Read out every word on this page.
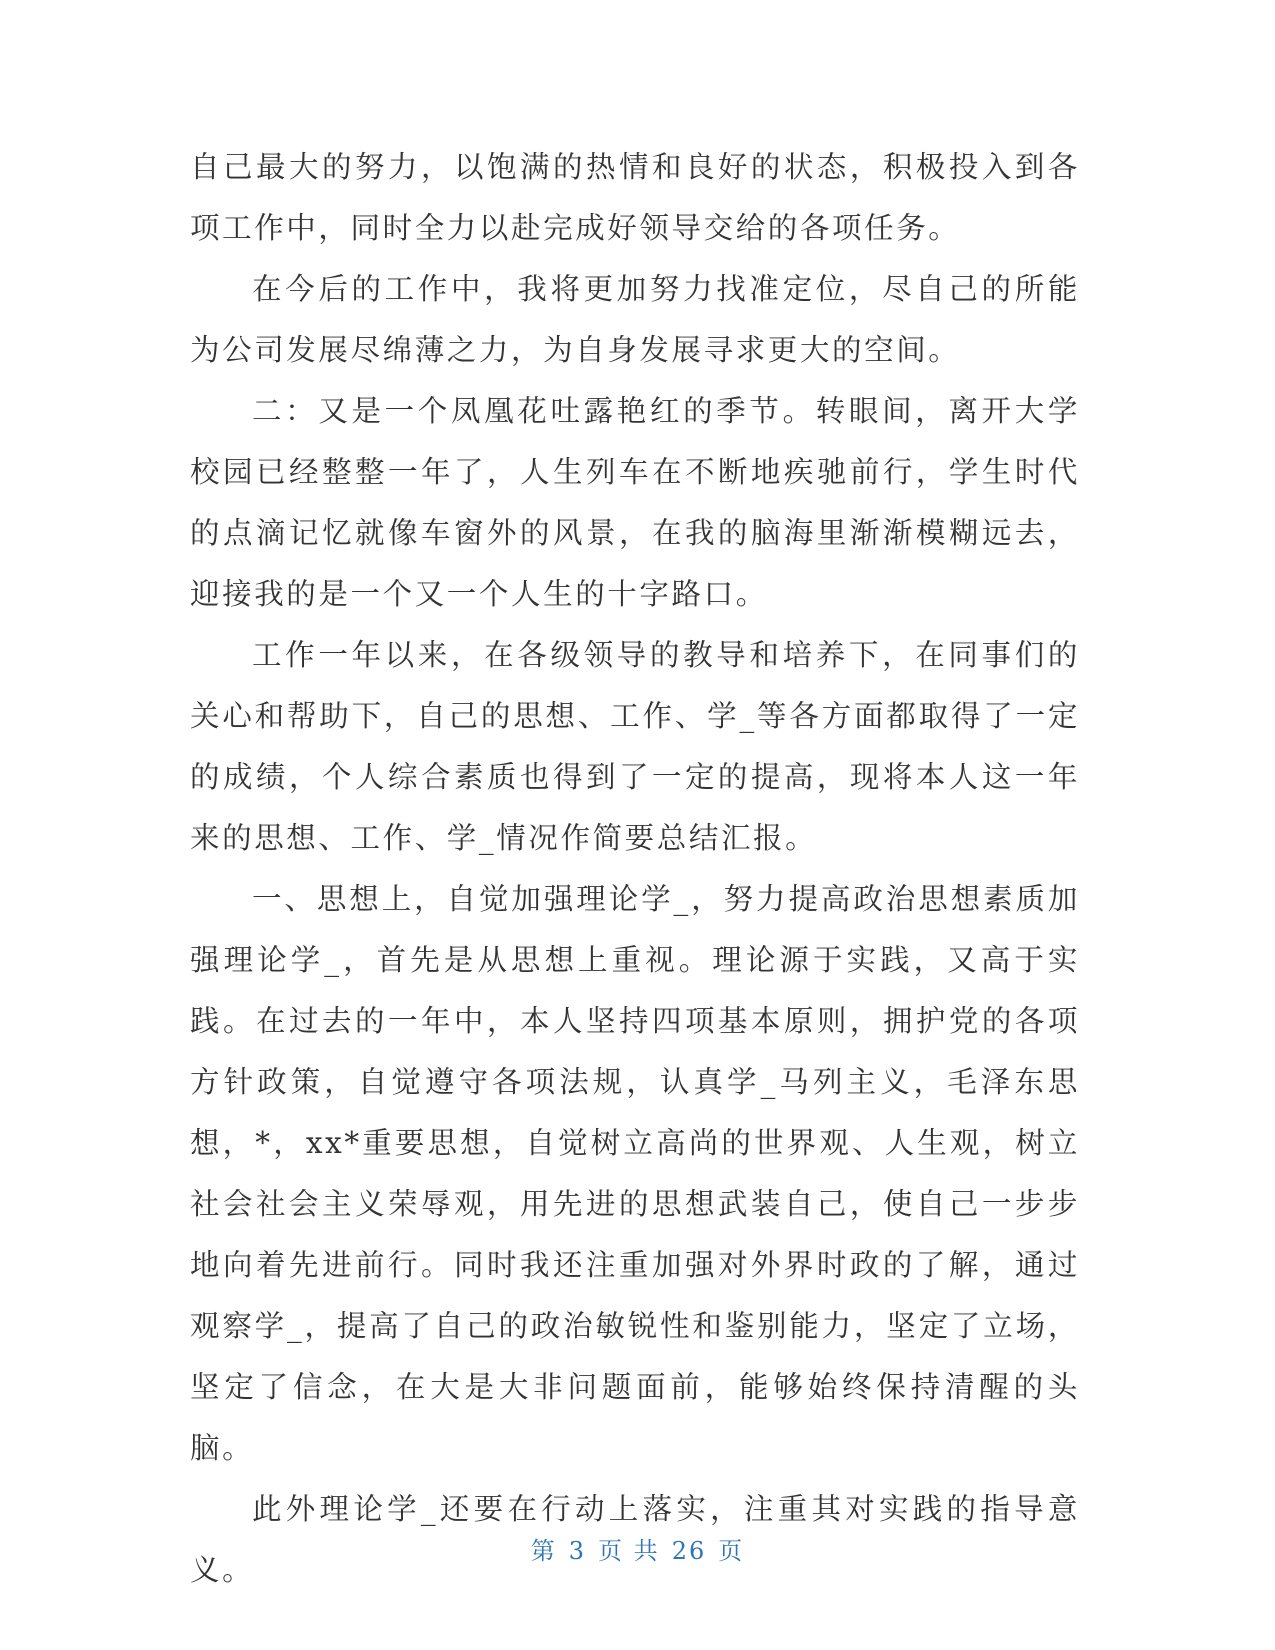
自己最大的努力，以饱满的热情和良好的状态，积极投入到各项工作中，同时全力以赴完成好领导交给的各项任务。

在今后的工作中，我将更加努力找准定位，尽自己的所能为公司发展尽绵薄之力，为自身发展寻求更大的空间。

二：又是一个凤凰花吐露艳红的季节。转眼间，离开大学校园已经整整一年了，人生列车在不断地疾驰前行，学生时代的点滴记忆就像车窗外的风景，在我的脑海里渐渐模糊远去，迎接我的是一个又一个人生的十字路口。

工作一年以来，在各级领导的教导和培养下，在同事们的关心和帮助下，自己的思想、工作、学_等各方面都取得了一定的成绩，个人综合素质也得到了一定的提高，现将本人这一年来的思想、工作、学_情况作简要总结汇报。

一、思想上，自觉加强理论学_，努力提高政治思想素质加强理论学_，首先是从思想上重视。理论源于实践，又高于实践。在过去的一年中，本人坚持四项基本原则，拥护党的各项方针政策，自觉遵守各项法规，认真学_马列主义，毛泽东思想，*，xx*重要思想，自觉树立高尚的世界观、人生观，树立社会社会主义荣辱观，用先进的思想武装自己，使自己一步步地向着先进前行。同时我还注重加强对外界时政的了解，通过观察学_，提高了自己的政治敏锐性和鉴别能力，坚定了立场，坚定了信念，在大是大非问题面前，能够始终保持清醒的头脑。

此外理论学_还要在行动上落实，注重其对实践的指导意义。

第 3 页 共 26 页
